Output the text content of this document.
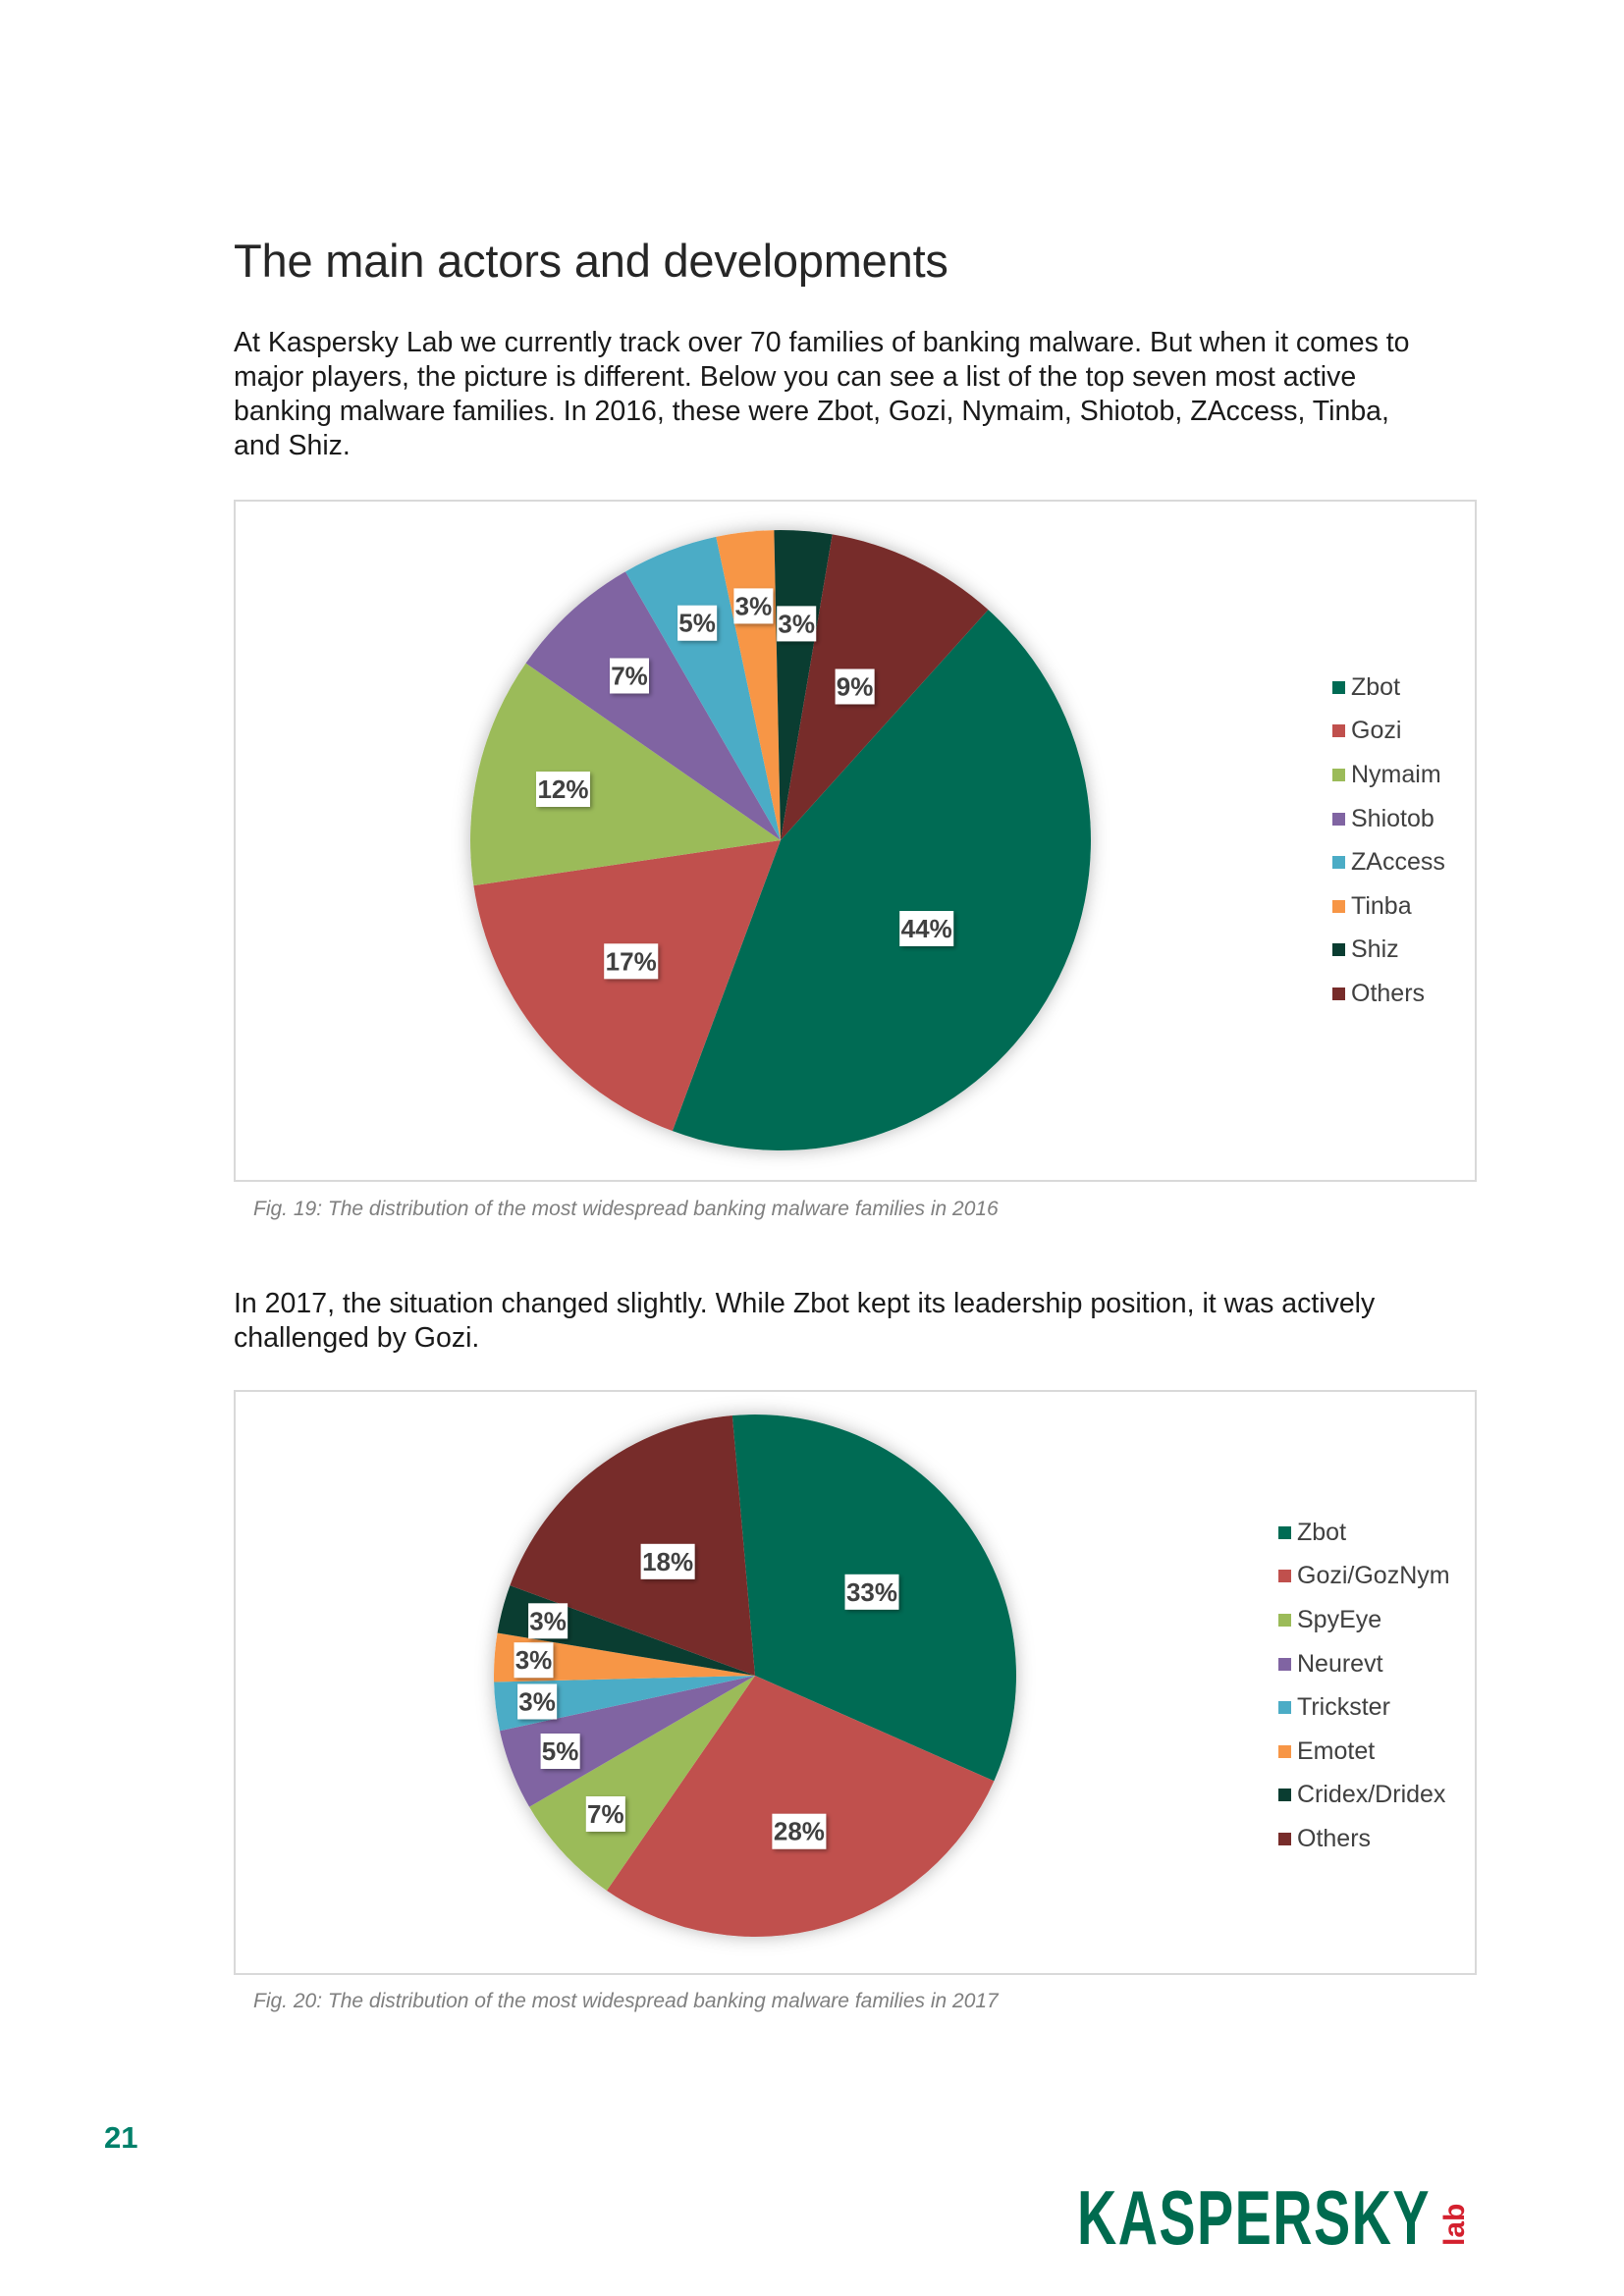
The main actors and developments

At Kaspersky Lab we currently track over 70 families of banking malware. But when it comes to major players, the picture is different. Below you can see a list of the top seven most active banking malware families. In 2016, these were Zbot, Gozi, Nymaim, Shiotob, ZAccess, Tinba, and Shiz.

44%
17%
12%
7%
5%
3%
3%
9%	Zbot
Gozi
Nymaim
Shiotob
ZAccess
Tinba
Shiz
Others

Fig. 19: The distribution of the most widespread banking malware families in 2016

In 2017, the situation changed slightly. While Zbot kept its leadership position, it was actively challenged by Gozi.

33%
28%
7%
5%
3%
3%
3%
18%
Zbot
Gozi/GozNym
SpyEye
Neurevt
Trickster
Emotet
Cridex/Dridex
Others

Fig. 20: The distribution of the most widespread banking malware families in 2017

21
KASPERSKY lab
